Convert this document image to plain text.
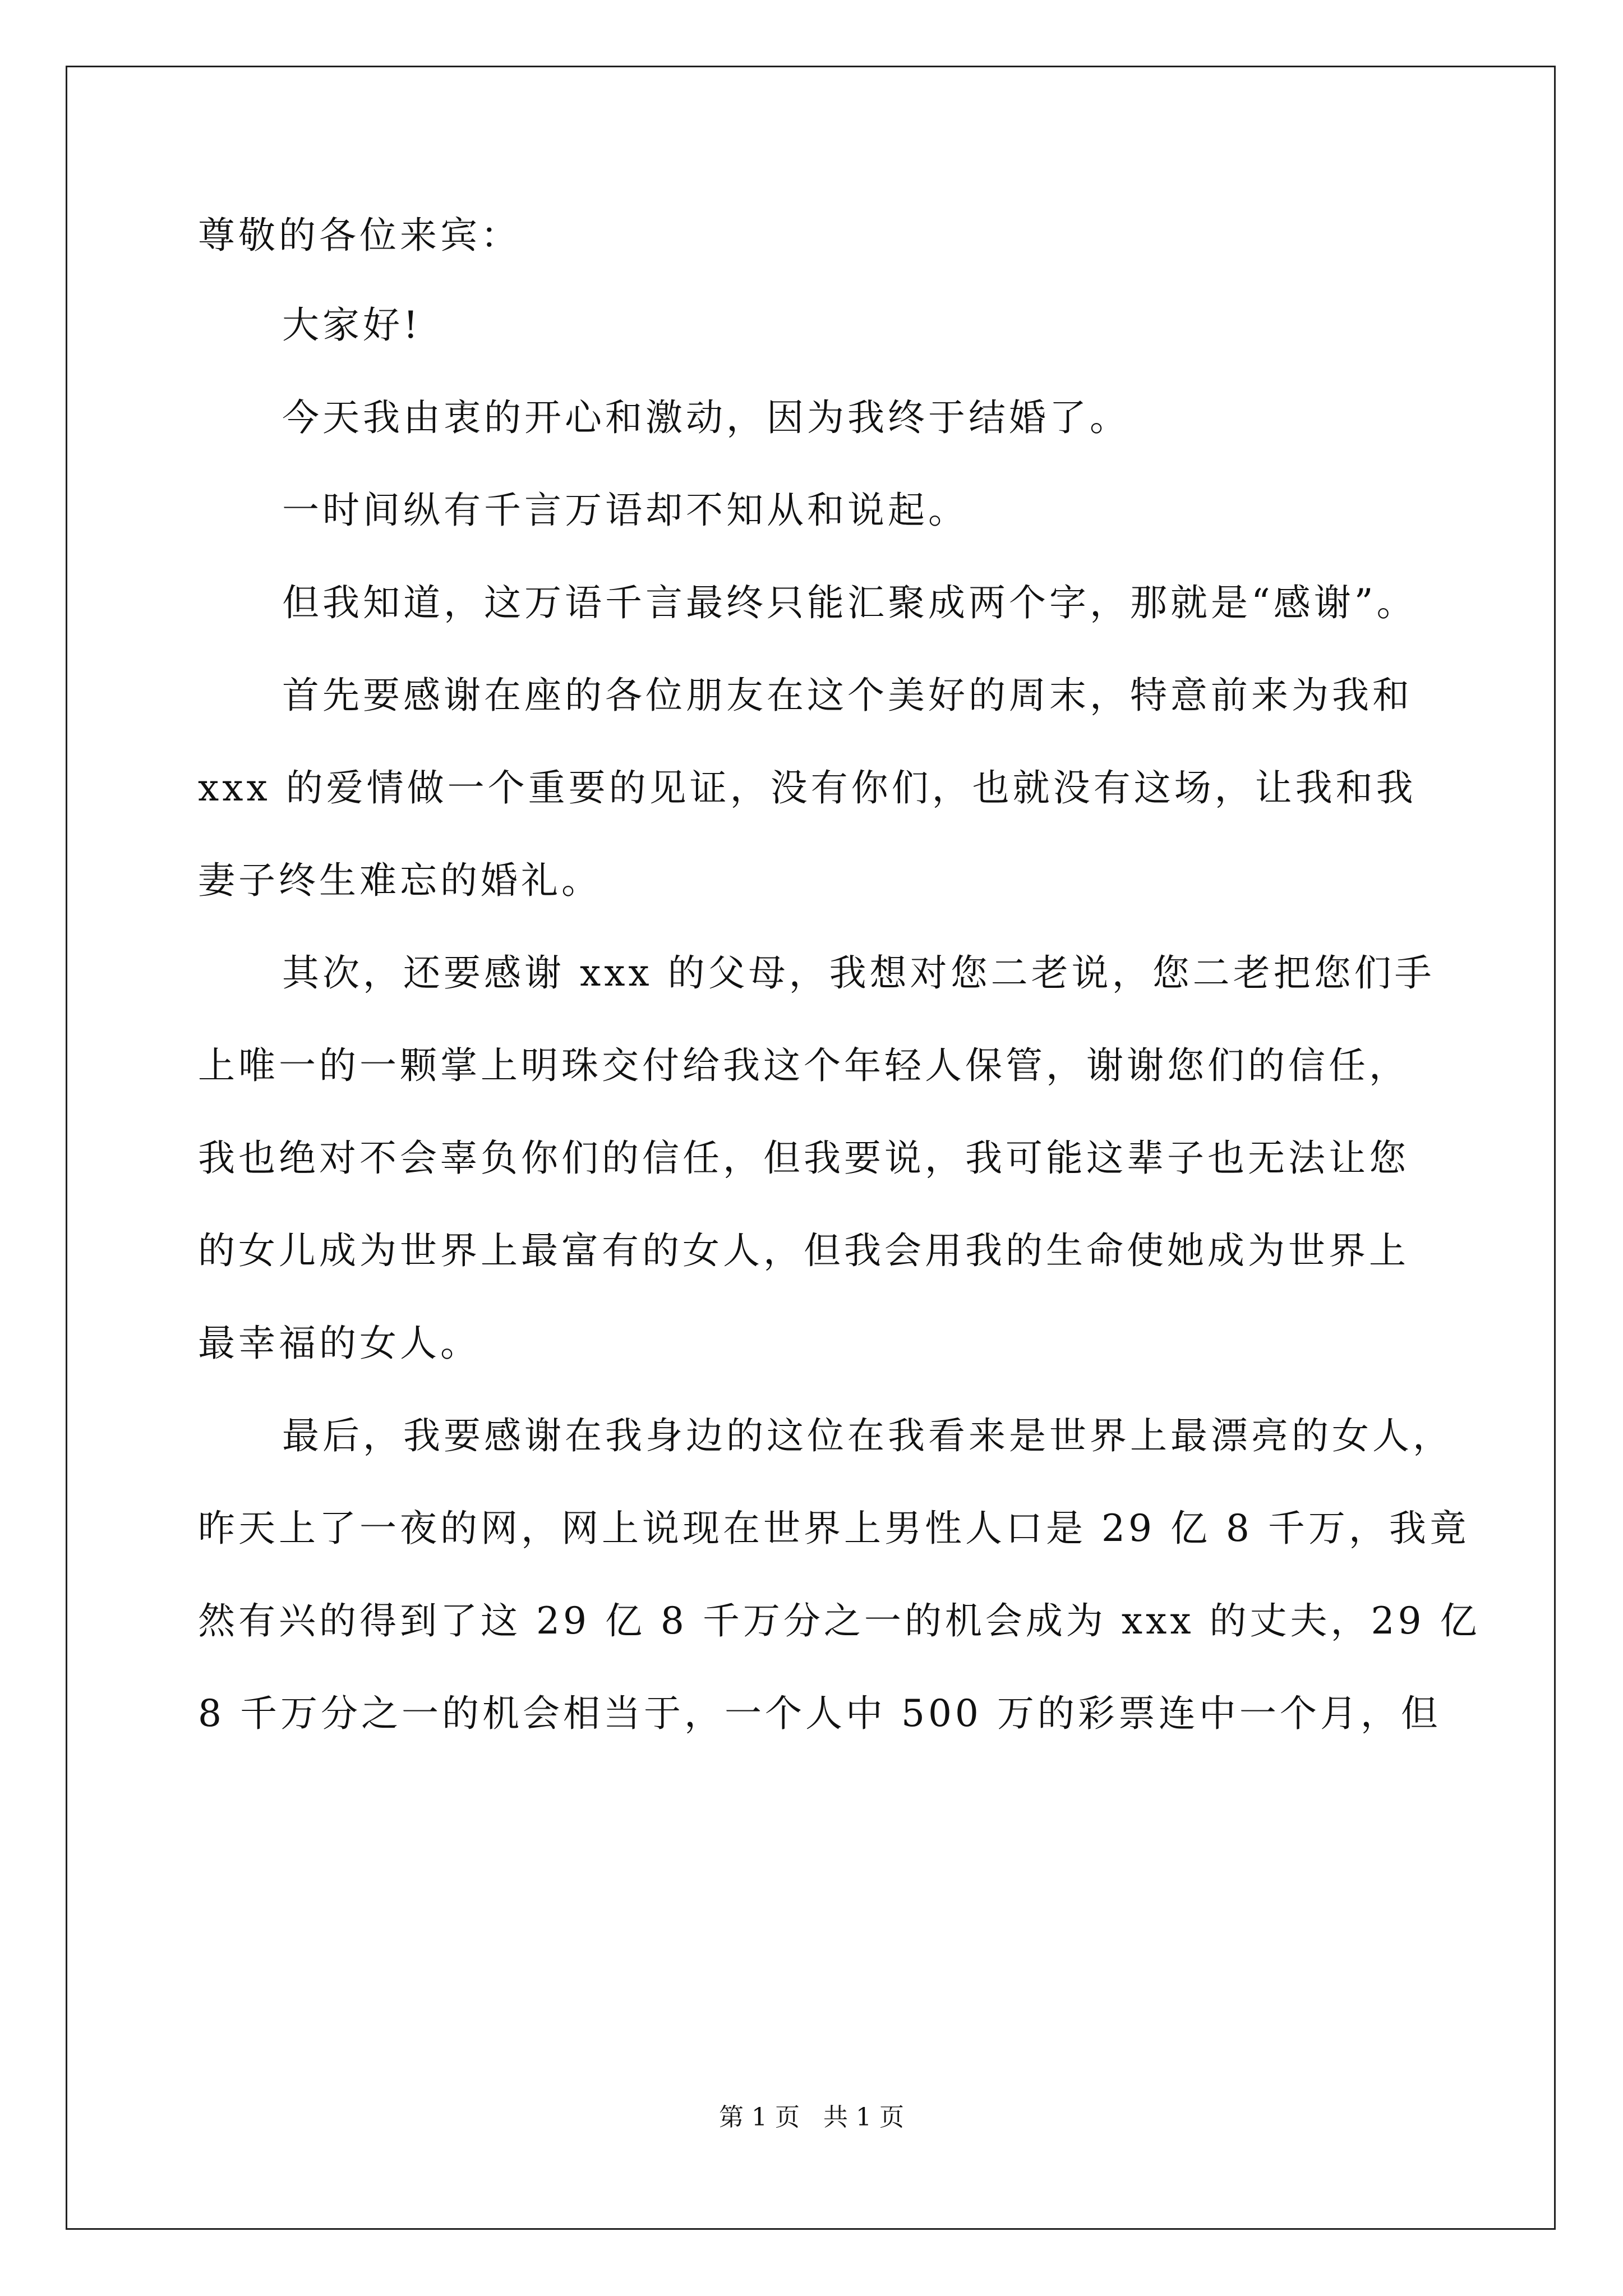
尊敬的各位来宾：
大家好!
今天我由衷的开心和激动，因为我终于结婚了。
一时间纵有千言万语却不知从和说起。
但我知道，这万语千言最终只能汇聚成两个字，那就是“感谢”。
首先要感谢在座的各位朋友在这个美好的周末，特意前来为我和
xxx 的爱情做一个重要的见证，没有你们，也就没有这场，让我和我
妻子终生难忘的婚礼。
其次，还要感谢 xxx 的父母，我想对您二老说，您二老把您们手
上唯一的一颗掌上明珠交付给我这个年轻人保管，谢谢您们的信任，
我也绝对不会辜负你们的信任，但我要说，我可能这辈子也无法让您
的女儿成为世界上最富有的女人，但我会用我的生命使她成为世界上
最幸福的女人。
最后，我要感谢在我身边的这位在我看来是世界上最漂亮的女人，
昨天上了一夜的网，网上说现在世界上男性人口是 29 亿 8 千万，我竟
然有兴的得到了这 29 亿 8 千万分之一的机会成为 xxx 的丈夫，29 亿
8 千万分之一的机会相当于，一个人中 500 万的彩票连中一个月，但
第 1 页   共 1 页
